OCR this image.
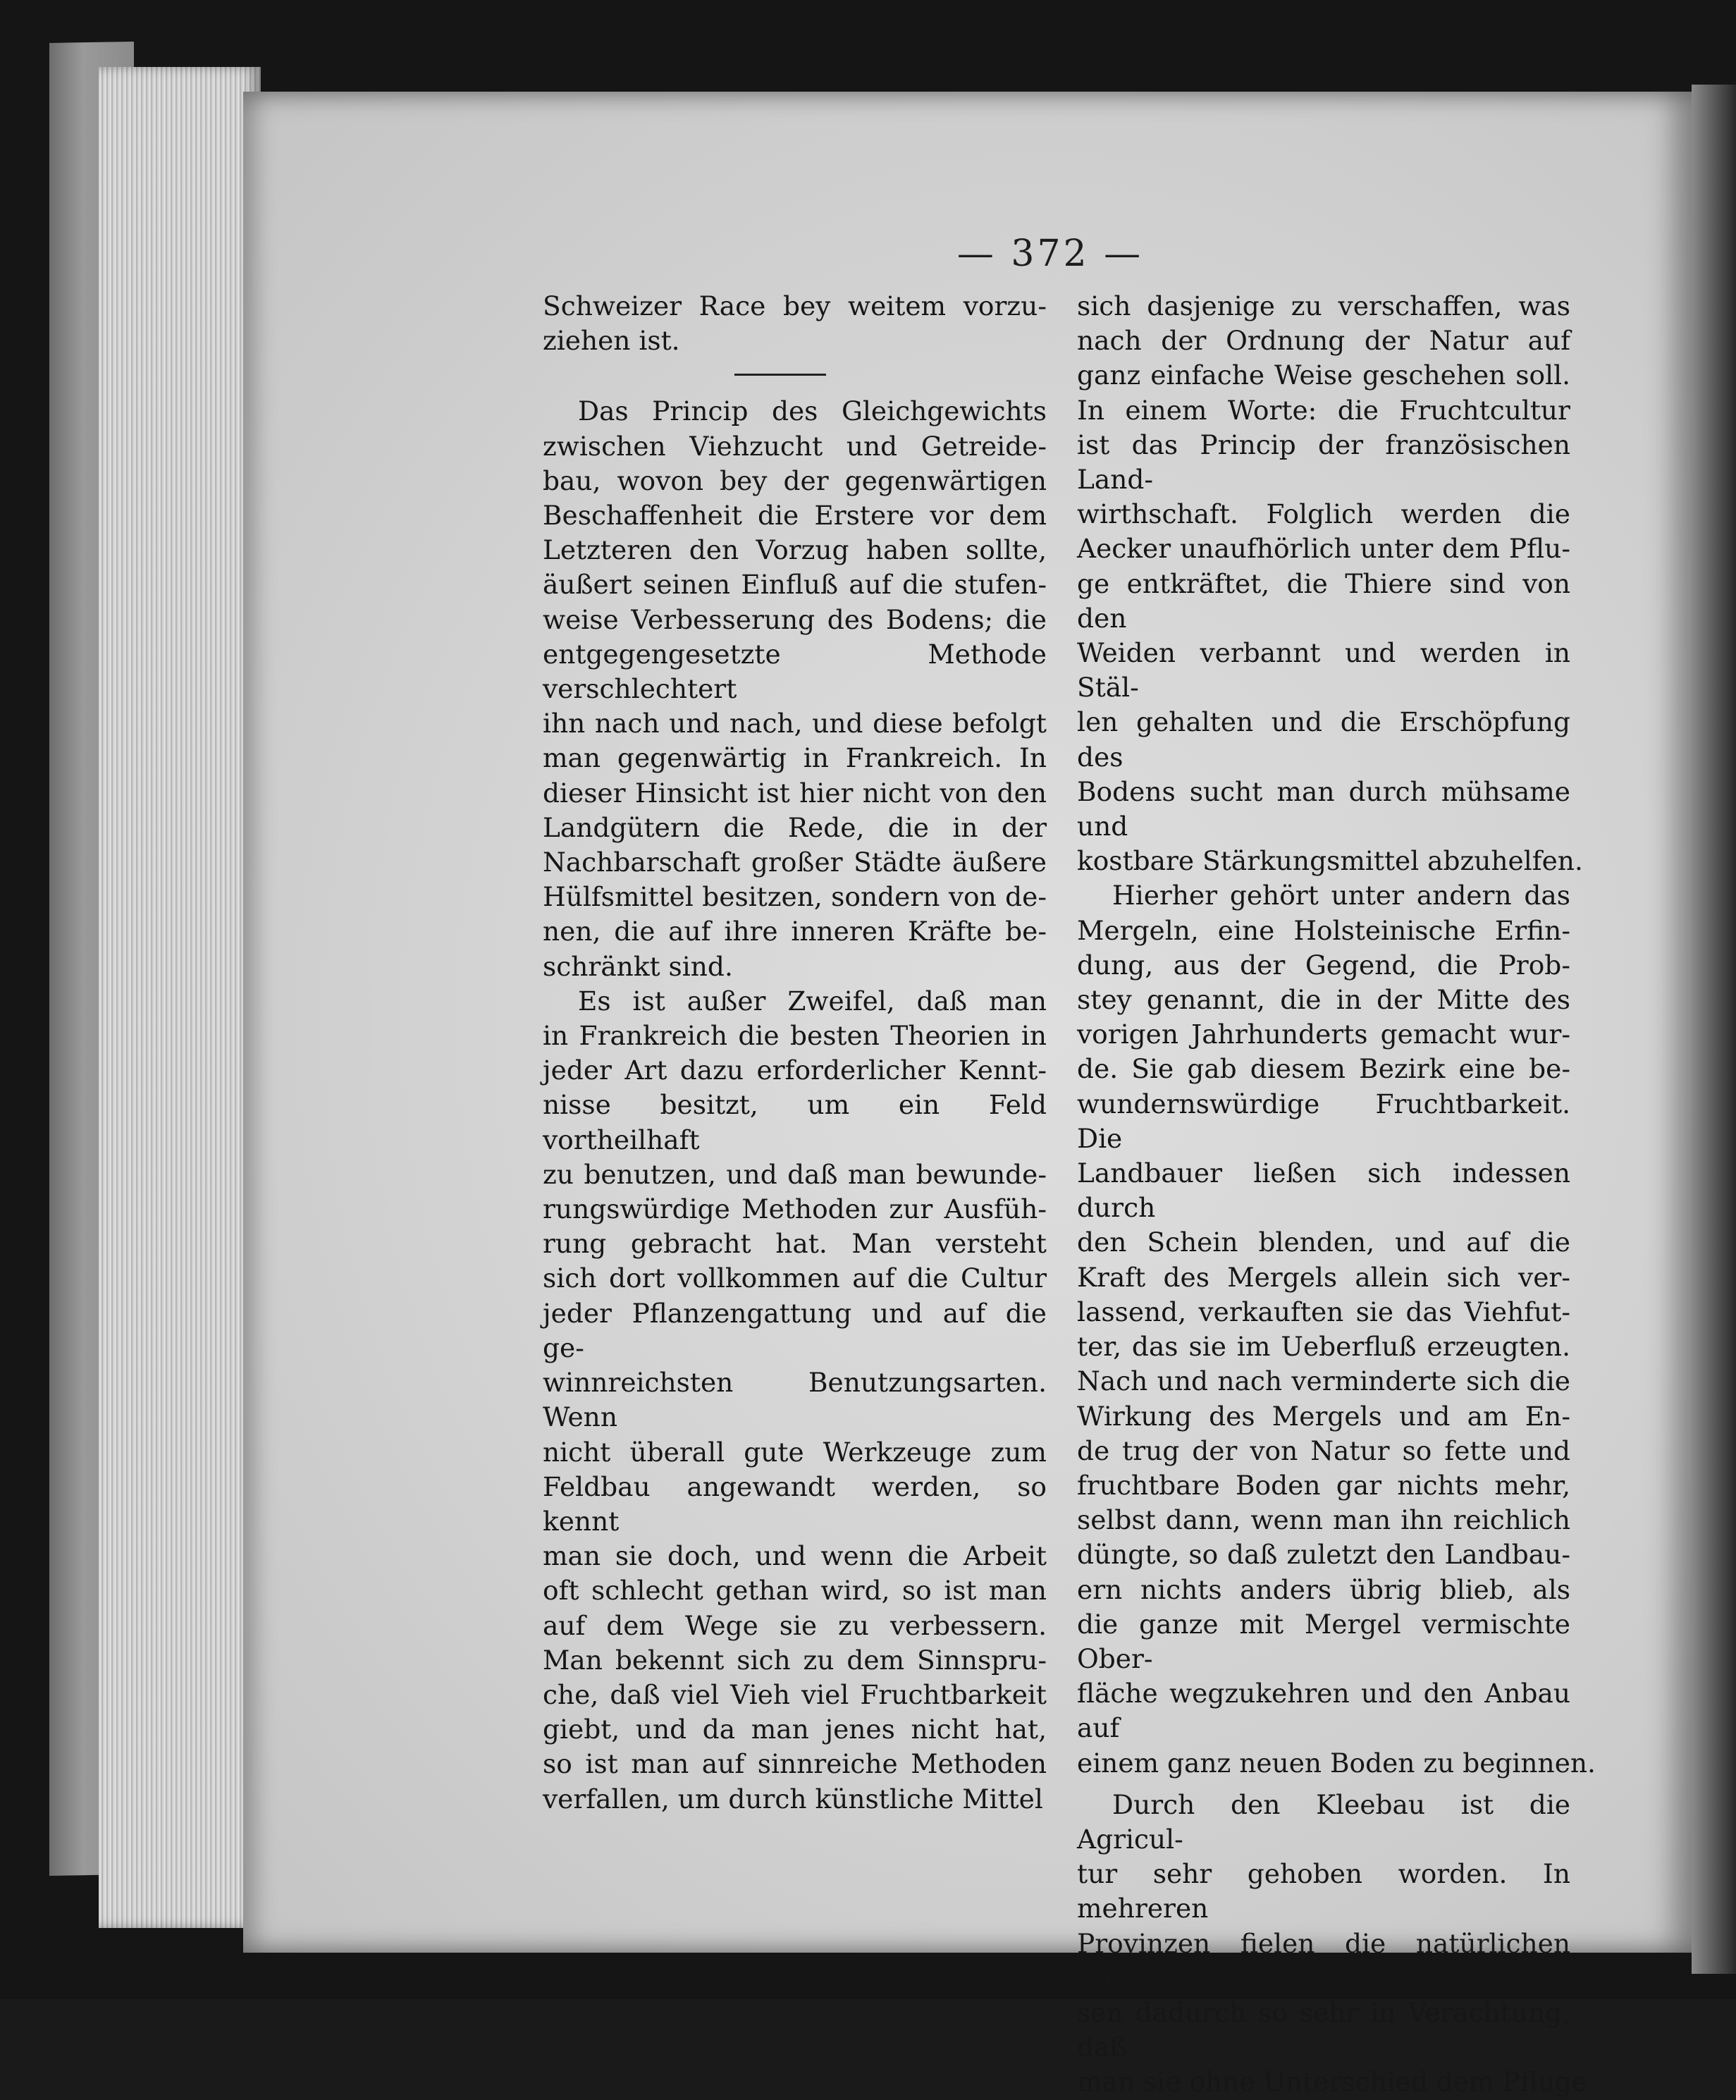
— 372 —

Schweizer Race bey weitem vorzu-
ziehen ist.

Das Princip des Gleichgewichts
zwischen Viehzucht und Getreide-
bau, wovon bey der gegenwärtigen
Beschaffenheit die Erstere vor dem
Letzteren den Vorzug haben sollte,
äußert seinen Einfluß auf die stufen-
weise Verbesserung des Bodens; die
entgegengesetzte Methode verschlechtert
ihn nach und nach, und diese befolgt
man gegenwärtig in Frankreich. In
dieser Hinsicht ist hier nicht von den
Landgütern die Rede, die in der
Nachbarschaft großer Städte äußere
Hülfsmittel besitzen, sondern von de-
nen, die auf ihre inneren Kräfte be-
schränkt sind.

Es ist außer Zweifel, daß man
in Frankreich die besten Theorien in
jeder Art dazu erforderlicher Kennt-
nisse besitzt, um ein Feld vortheilhaft
zu benutzen, und daß man bewunde-
rungswürdige Methoden zur Ausfüh-
rung gebracht hat. Man versteht
sich dort vollkommen auf die Cultur
jeder Pflanzengattung und auf die ge-
winnreichsten Benutzungsarten. Wenn
nicht überall gute Werkzeuge zum
Feldbau angewandt werden, so kennt
man sie doch, und wenn die Arbeit
oft schlecht gethan wird, so ist man
auf dem Wege sie zu verbessern.
Man bekennt sich zu dem Sinnspru-
che, daß viel Vieh viel Fruchtbarkeit
giebt, und da man jenes nicht hat,
so ist man auf sinnreiche Methoden
verfallen, um durch künstliche Mittel

sich dasjenige zu verschaffen, was
nach der Ordnung der Natur auf
ganz einfache Weise geschehen soll.
In einem Worte: die Fruchtcultur
ist das Princip der französischen Land-
wirthschaft. Folglich werden die
Aecker unaufhörlich unter dem Pflu-
ge entkräftet, die Thiere sind von den
Weiden verbannt und werden in Stäl-
len gehalten und die Erschöpfung des
Bodens sucht man durch mühsame und
kostbare Stärkungsmittel abzuhelfen.

Hierher gehört unter andern das
Mergeln, eine Holsteinische Erfin-
dung, aus der Gegend, die Prob-
stey genannt, die in der Mitte des
vorigen Jahrhunderts gemacht wur-
de. Sie gab diesem Bezirk eine be-
wundernswürdige Fruchtbarkeit. Die
Landbauer ließen sich indessen durch
den Schein blenden, und auf die
Kraft des Mergels allein sich ver-
lassend, verkauften sie das Viehfut-
ter, das sie im Ueberfluß erzeugten.
Nach und nach verminderte sich die
Wirkung des Mergels und am En-
de trug der von Natur so fette und
fruchtbare Boden gar nichts mehr,
selbst dann, wenn man ihn reichlich
düngte, so daß zuletzt den Landbau-
ern nichts anders übrig blieb, als
die ganze mit Mergel vermischte Ober-
fläche wegzukehren und den Anbau auf
einem ganz neuen Boden zu beginnen.

Durch den Kleebau ist die Agricul-
tur sehr gehoben worden. In mehreren
Provinzen fielen die natürlichen Wie-
sen dadurch so sehr in Verachtung, daß
man sie ohne Unterschied dem Pfluge
